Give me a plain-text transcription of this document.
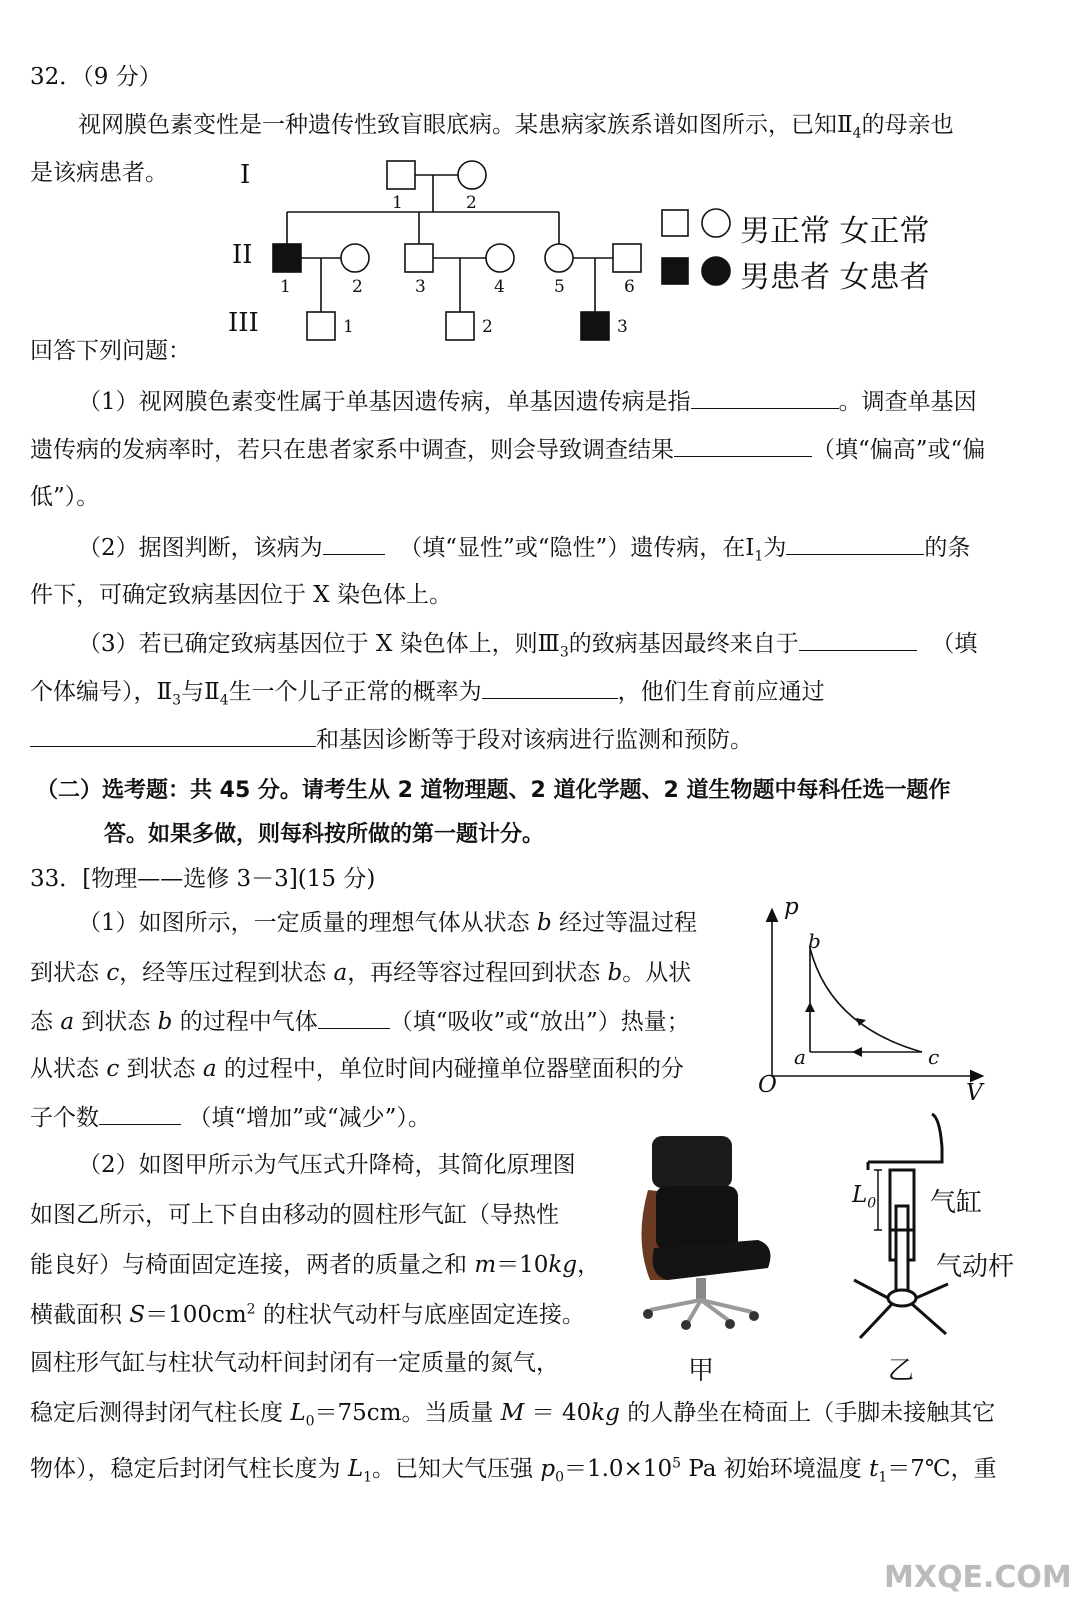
32．（9 分）
视网膜色素变性是一种遗传性致盲眼底病。某患病家族系谱如图所示，已知$Ⅱ_4$的母亲也
是该病患者。	I
II
III
1	2
1	2	3	4	5	6
1	2	3
男正常 女正常
男患者 女患者
回答下列问题：
（1）视网膜色素变性属于单基因遗传病，单基因遗传病是指	。调查单基因
遗传病的发病率时，若只在患者家系中调查，则会导致调查结果	（填“偏高”或“偏
低”）。
（2）据图判断，该病为	（填“显性”或“隐性”）遗传病，在$Ⅰ_1$为	的条
件下，可确定致病基因位于 X 染色体上。
（3）若已确定致病基因位于 X 染色体上，则$Ⅲ_3$的致病基因最终来自于	（填
个体编号），$Ⅱ_3$与$Ⅱ_4$生一个儿子正常的概率为	，他们生育前应通过
和基因诊断等于段对该病进行监测和预防。
（二）选考题：共 45 分。请考生从 2 道物理题、2 道化学题、2 道生物题中每科任选一题作
答。如果多做，则每科按所做的第一题计分。
33．[物理——选修 3－3](15 分)
（1）如图所示，一定质量的理想气体从状态 b 经过等温过程
到状态 c，经等压过程到状态 a，再经等容过程回到状态 b。从状
态 a 到状态 b 的过程中气体	（填“吸收”或“放出”）热量；
从状态 c 到状态 a 的过程中，单位时间内碰撞单位器壁面积的分
子个数	（填“增加”或“减少”）。
p
V
O
b
a	c
（2）如图甲所示为气压式升降椅，其简化原理图
如图乙所示，可上下自由移动的圆柱形气缸（导热性
能良好）与椅面固定连接，两者的质量之和 m＝10kg，
横截面积 $S=100cm^2$ 的柱状气动杆与底座固定连接。
圆柱形气缸与柱状气动杆间封闭有一定质量的氮气，
稳定后测得封闭气柱长度 $L_0=75cm$。当质量 M ＝ 40kg 的人静坐在椅面上（手脚未接触其它
物体），稳定后封闭气柱长度为 $L_1$。已知大气压强 $p_0=1.0\times 10^5$ Pa 初始环境温度 $t_1=7℃$，重
甲
$L_0$ 气缸
气动杆
乙
MXQE.COM
